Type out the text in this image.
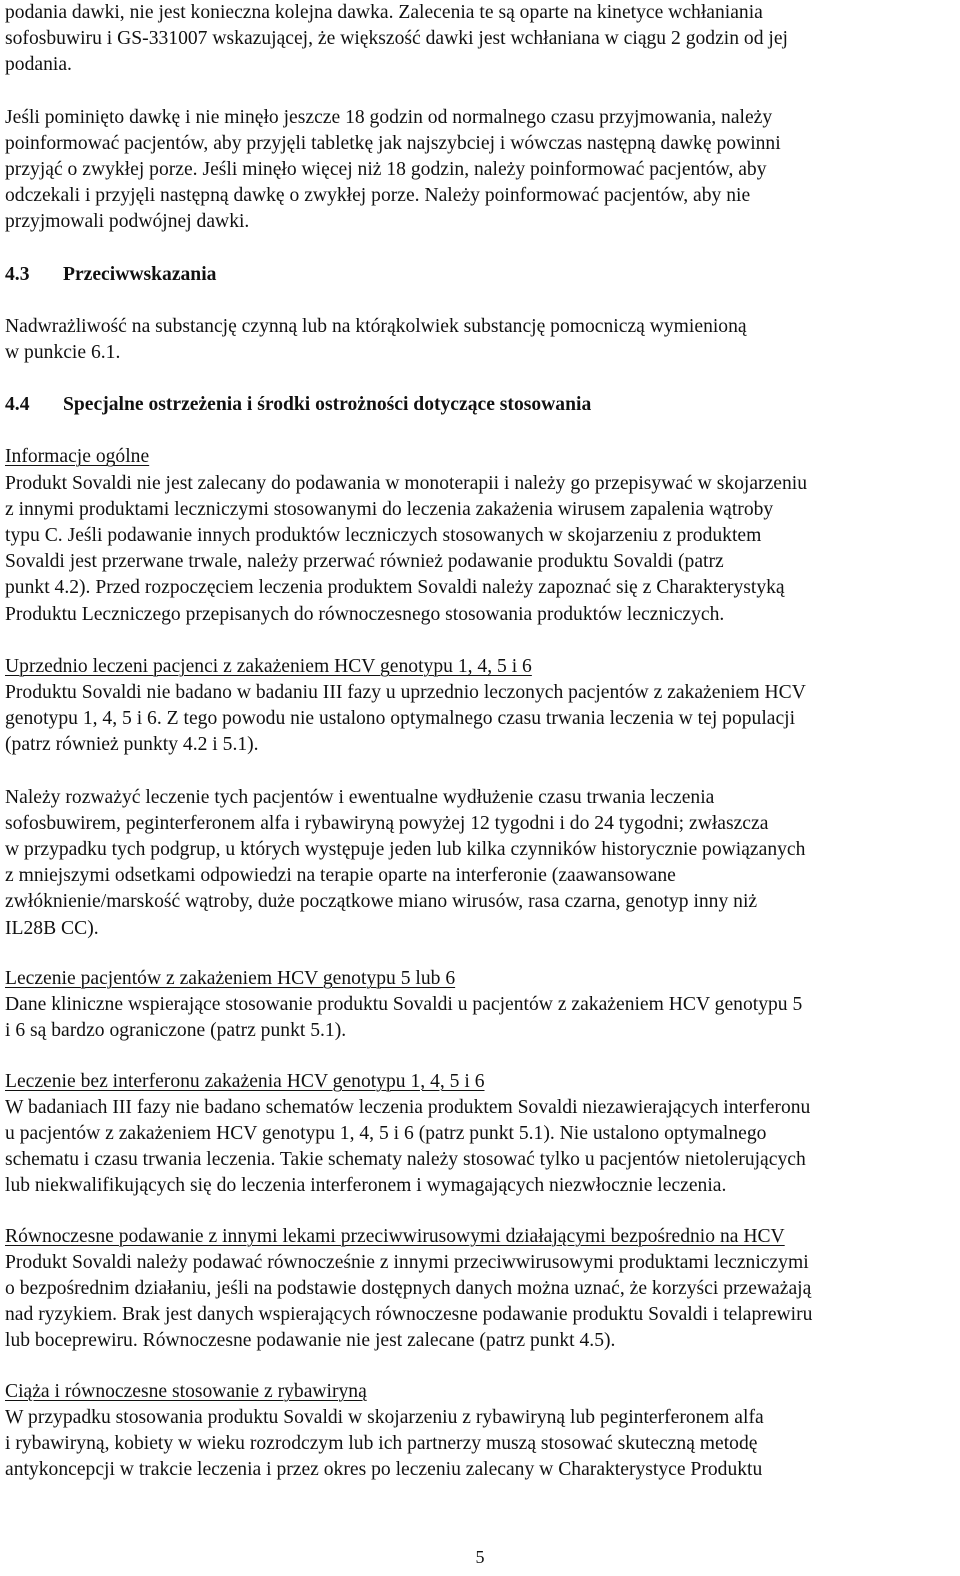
podania dawki, nie jest konieczna kolejna dawka. Zalecenia te są oparte na kinetyce wchłaniania
sofosbuwiru i GS-331007 wskazującej, że większość dawki jest wchłaniana w ciągu 2 godzin od jej
podania.

Jeśli pominięto dawkę i nie minęło jeszcze 18 godzin od normalnego czasu przyjmowania, należy
poinformować pacjentów, aby przyjęli tabletkę jak najszybciej i wówczas następną dawkę powinni
przyjąć o zwykłej porze. Jeśli minęło więcej niż 18 godzin, należy poinformować pacjentów, aby
odczekali i przyjęli następną dawkę o zwykłej porze. Należy poinformować pacjentów, aby nie
przyjmowali podwójnej dawki.

4.3 Przeciwwskazania

Nadwrażliwość na substancję czynną lub na którąkolwiek substancję pomocniczą wymienioną
w punkcie 6.1.

4.4 Specjalne ostrzeżenia i środki ostrożności dotyczące stosowania
Informacje ogólne
Produkt Sovaldi nie jest zalecany do podawania w monoterapii i należy go przepisywać w skojarzeniu
z innymi produktami leczniczymi stosowanymi do leczenia zakażenia wirusem zapalenia wątroby
typu C. Jeśli podawanie innych produktów leczniczych stosowanych w skojarzeniu z produktem
Sovaldi jest przerwane trwale, należy przerwać również podawanie produktu Sovaldi (patrz
punkt 4.2). Przed rozpoczęciem leczenia produktem Sovaldi należy zapoznać się z Charakterystyką
Produktu Leczniczego przepisanych do równoczesnego stosowania produktów leczniczych.
Uprzednio leczeni pacjenci z zakażeniem HCV genotypu 1, 4, 5 i 6
Produktu Sovaldi nie badano w badaniu III fazy u uprzednio leczonych pacjentów z zakażeniem HCV
genotypu 1, 4, 5 i 6. Z tego powodu nie ustalono optymalnego czasu trwania leczenia w tej populacji
(patrz również punkty 4.2 i 5.1).
Należy rozważyć leczenie tych pacjentów i ewentualne wydłużenie czasu trwania leczenia
sofosbuwirem, peginterferonem alfa i rybawiryną powyżej 12 tygodni i do 24 tygodni; zwłaszcza
w przypadku tych podgrup, u których występuje jeden lub kilka czynników historycznie powiązanych
z mniejszymi odsetkami odpowiedzi na terapie oparte na interferonie (zaawansowane
zwłóknienie/marskość wątroby, duże początkowe miano wirusów, rasa czarna, genotyp inny niż
IL28B CC).
Leczenie pacjentów z zakażeniem HCV genotypu 5 lub 6
Dane kliniczne wspierające stosowanie produktu Sovaldi u pacjentów z zakażeniem HCV genotypu 5
i 6 są bardzo ograniczone (patrz punkt 5.1).
Leczenie bez interferonu zakażenia HCV genotypu 1, 4, 5 i 6
W badaniach III fazy nie badano schematów leczenia produktem Sovaldi niezawierających interferonu
u pacjentów z zakażeniem HCV genotypu 1, 4, 5 i 6 (patrz punkt 5.1). Nie ustalono optymalnego
schematu i czasu trwania leczenia. Takie schematy należy stosować tylko u pacjentów nietolerujących
lub niekwalifikujących się do leczenia interferonem i wymagających niezwłocznie leczenia.
Równoczesne podawanie z innymi lekami przeciwwirusowymi działającymi bezpośrednio na HCV
Produkt Sovaldi należy podawać równocześnie z innymi przeciwwirusowymi produktami leczniczymi
o bezpośrednim działaniu, jeśli na podstawie dostępnych danych można uznać, że korzyści przeważają
nad ryzykiem. Brak jest danych wspierających równoczesne podawanie produktu Sovaldi i telaprewiru
lub boceprewiru. Równoczesne podawanie nie jest zalecane (patrz punkt 4.5).
Ciąża i równoczesne stosowanie z rybawiryną
W przypadku stosowania produktu Sovaldi w skojarzeniu z rybawiryną lub peginterferonem alfa
i rybawiryną, kobiety w wieku rozrodczym lub ich partnerzy muszą stosować skuteczną metodę
antykoncepcji w trakcie leczenia i przez okres po leczeniu zalecany w Charakterystyce Produktu
5
